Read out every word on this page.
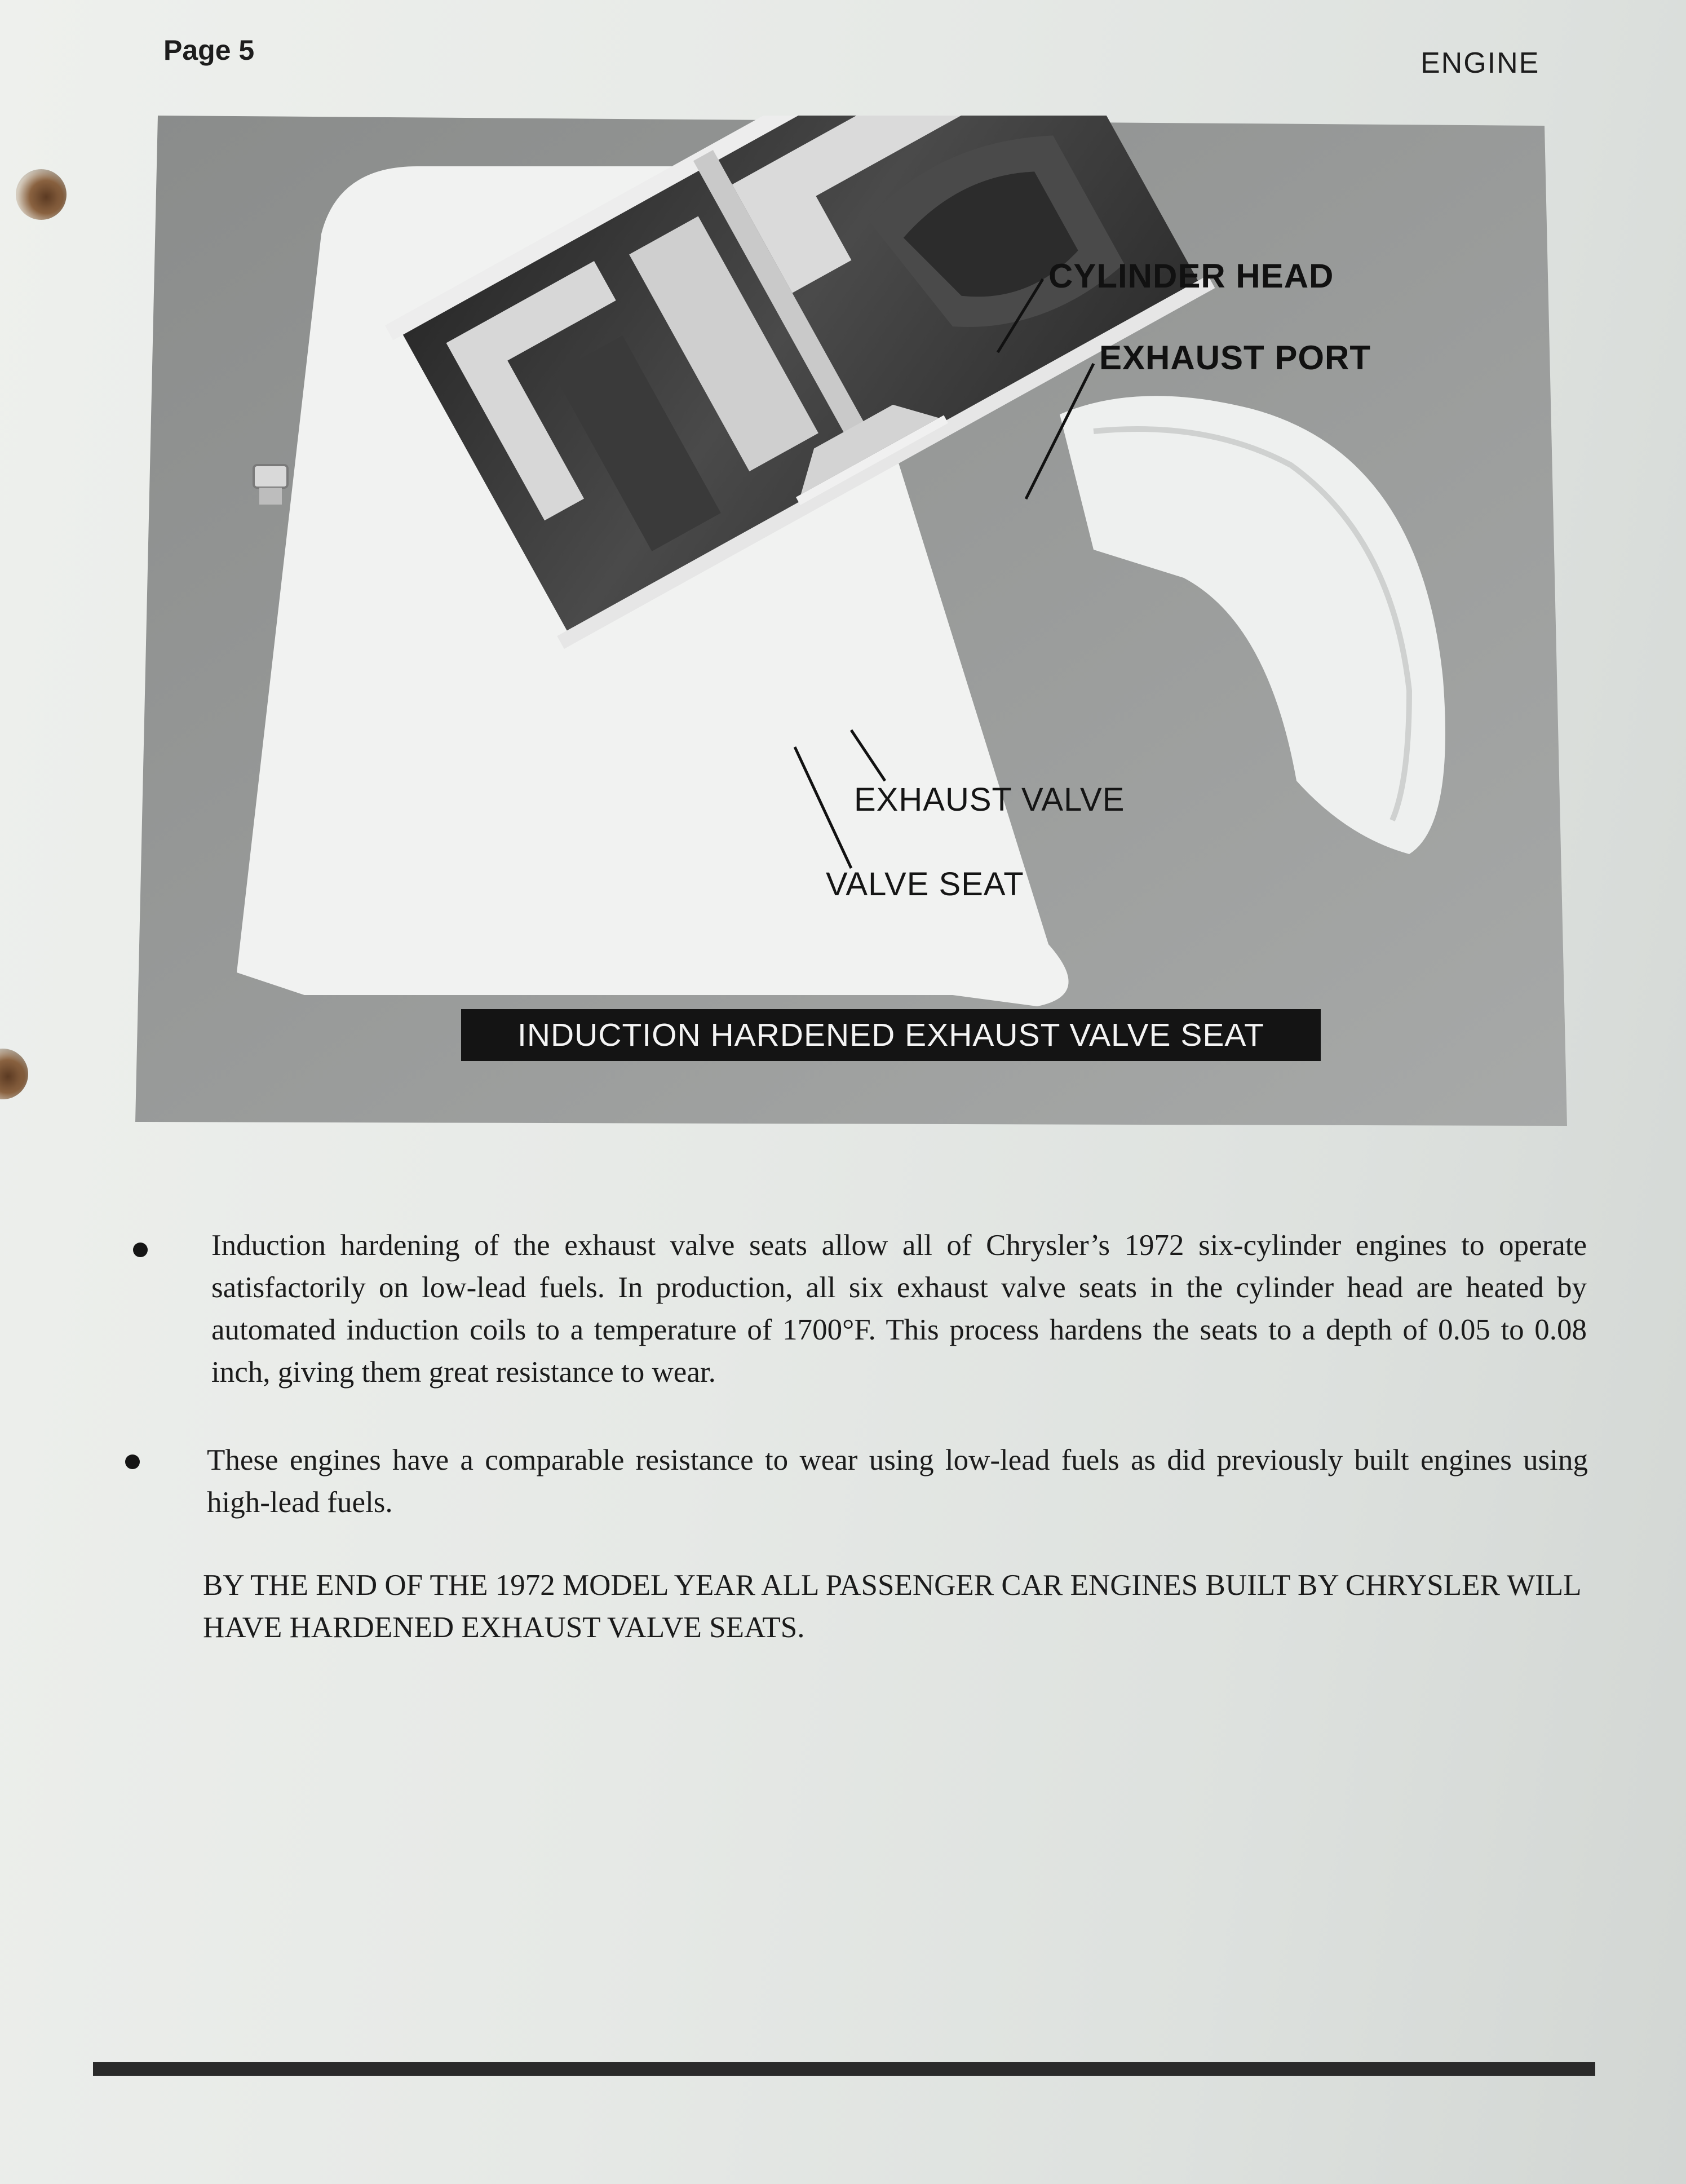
Page 5	ENGINE
CYLINDER HEAD
EXHAUST PORT
EXHAUST VALVE
VALVE SEAT
INDUCTION HARDENED EXHAUST VALVE SEAT
Induction hardening of the exhaust valve seats allow all of Chrysler’s 1972 six-cylinder engines to operate satisfactorily on low-lead fuels. In production, all six exhaust valve seats in the cylinder head are heated by automated induction coils to a temperature of 1700°F. This process hardens the seats to a depth of 0.05 to 0.08 inch, giving them great resistance to wear.
These engines have a comparable resistance to wear using low-lead fuels as did previously built engines using high-lead fuels.
BY THE END OF THE 1972 MODEL YEAR ALL PASSENGER CAR ENGINES BUILT BY CHRYSLER WILL HAVE HARDENED EXHAUST VALVE SEATS.
